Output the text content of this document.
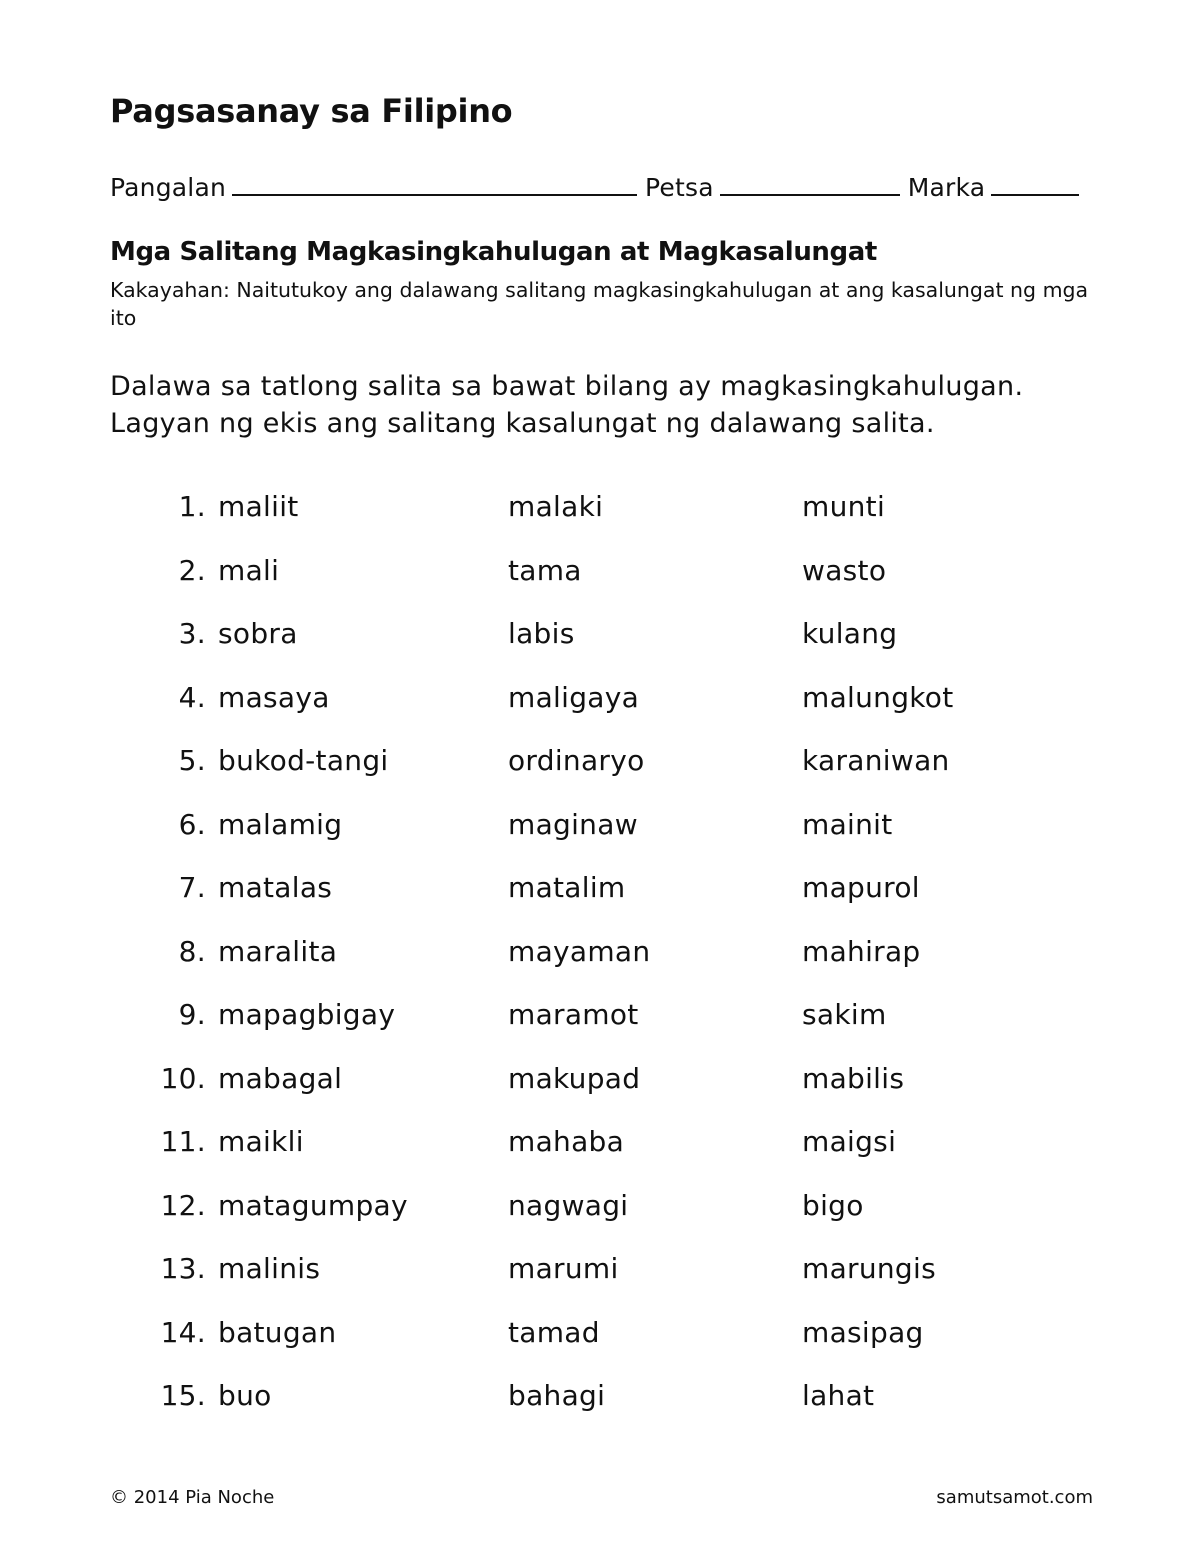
Pagsasanay sa Filipino
Pangalan	Petsa	Marka
Mga Salitang Magkasingkahulugan at Magkasalungat
Kakayahan: Naitutukoy ang dalawang salitang magkasingkahulugan at ang kasalungat ng mga ito
Dalawa sa tatlong salita sa bawat bilang ay magkasingkahulugan.
Lagyan ng ekis ang salitang kasalungat ng dalawang salita.
1. maliit	malaki	munti
2. mali	tama	wasto
3. sobra	labis	kulang
4. masaya	maligaya	malungkot
5. bukod-tangi	ordinaryo	karaniwan
6. malamig	maginaw	mainit
7. matalas	matalim	mapurol
8. maralita	mayaman	mahirap
9. mapagbigay	maramot	sakim
10. mabagal	makupad	mabilis
11. maikli	mahaba	maigsi
12. matagumpay	nagwagi	bigo
13. malinis	marumi	marungis
14. batugan	tamad	masipag
15. buo	bahagi	lahat
© 2014 Pia Noche	samutsamot.com
